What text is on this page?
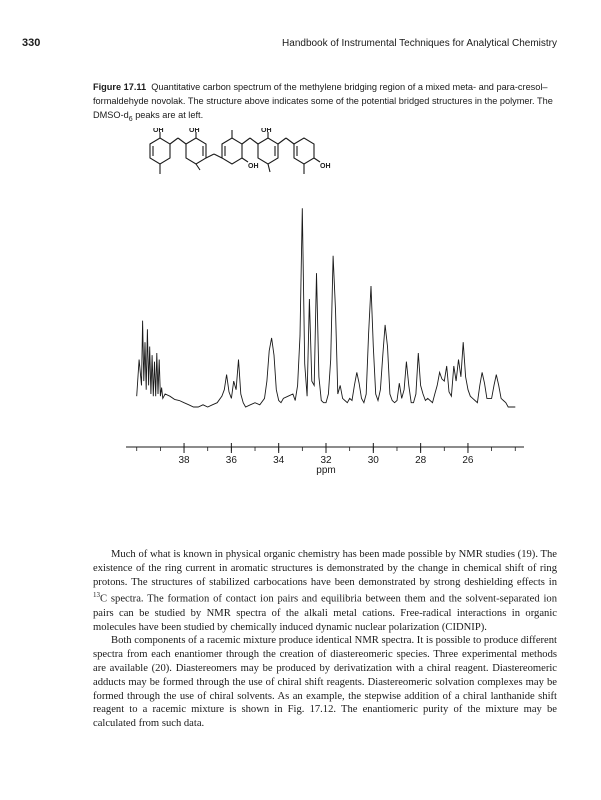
330	Handbook of Instrumental Techniques for Analytical Chemistry
Figure 17.11 Quantitative carbon spectrum of the methylene bridging region of a mixed meta- and para-cresol–formaldehyde novolak. The structure above indicates some of the potential bridged structures in the polymer. The DMSO-$d_6$ peaks are at left.
OH	OH
OH
OH
OH
38	36	34	32	30	28	26
ppm

Much of what is known in physical organic chemistry has been made possible by NMR studies (19). The existence of the ring current in aromatic structures is demonstrated by the change in chemical shift of ring protons. The structures of stabilized carbocations have been demonstrated by strong deshielding effects in $^{13}$C spectra. The formation of contact ion pairs and equilibria between them and the solvent-separated ion pairs can be studied by NMR spectra of the alkali metal cations. Free-radical interactions in organic molecules have been studied by chemically induced dynamic nuclear polarization (CIDNIP).

Both components of a racemic mixture produce identical NMR spectra. It is possible to produce different spectra from each enantiomer through the creation of diastereomeric species. Three experimental methods are available (20). Diastereomers may be produced by derivatization with a chiral reagent. Diastereomeric adducts may be formed through the use of chiral shift reagents. Diastereomeric solvation complexes may be formed through the use of chiral solvents. As an example, the stepwise addition of a chiral lanthanide shift reagent to a racemic mixture is shown in Fig. 17.12. The enantiomeric purity of the mixture may be calculated from such data.
